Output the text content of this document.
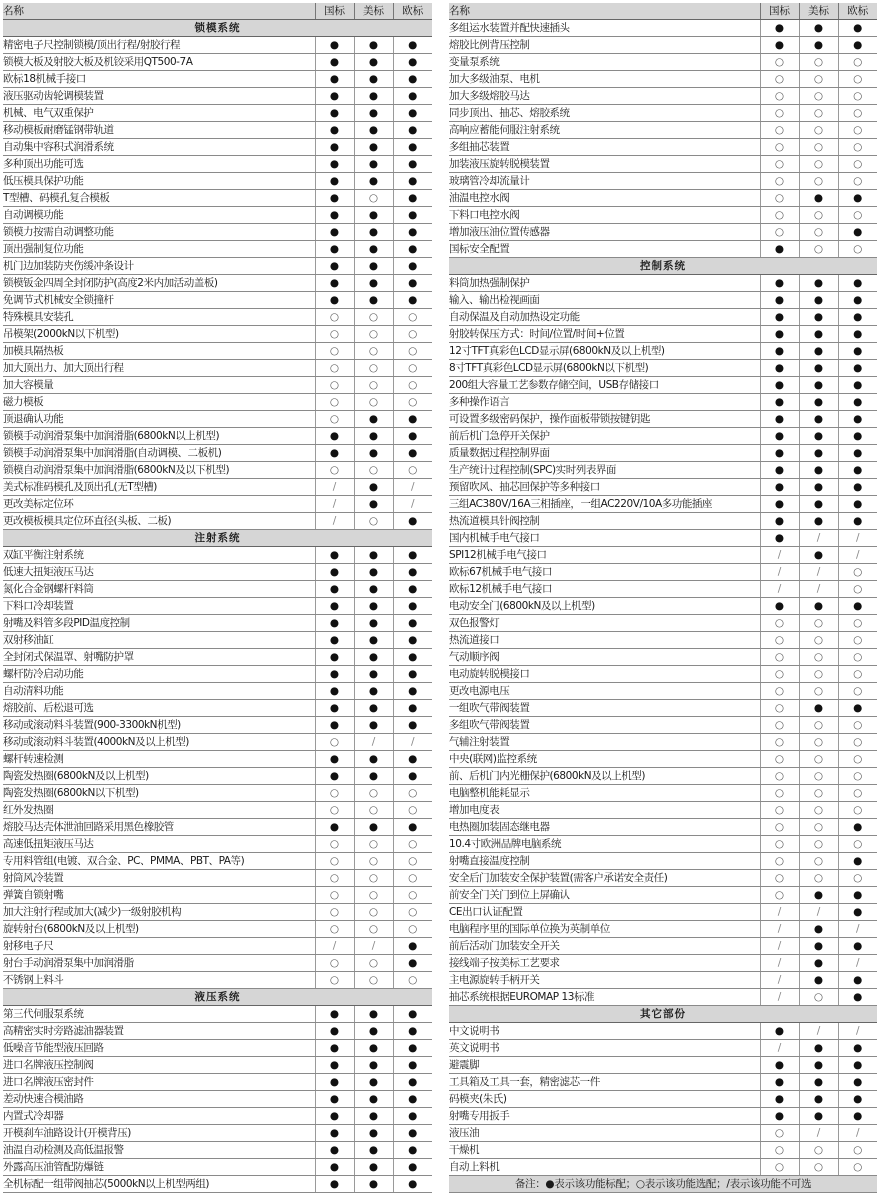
名称	国标	美标	欧标
锁模系统			
精密电子尺控制锁模/顶出行程/射胶行程	●	●	●
锁模大板及射胶大板及机铰采用QT500-7A	●	●	●
欧标18机械手接口	●	●	●
液压驱动齿轮调模装置	●	●	●
机械、电气双重保护	●	●	●
移动模板耐磨锰钢带轨道	●	●	●
自动集中容积式润滑系统	●	●	●
多种顶出功能可选	●	●	●
低压模具保护功能	●	●	●
T型槽、码模孔复合模板	●	○	●
自动调模功能	●	●	●
锁模力按需自动调整功能	●	●	●
顶出强制复位功能	●	●	●
机门边加装防夹伤缓冲条设计	●	●	●
锁模钣金四周全封闭防护(高度2米内加活动盖板)	●	●	●
免调节式机械安全锁撞杆	●	●	●
特殊模具安装孔	○	○	○
吊模架(2000kN以下机型)	○	○	○
加模具隔热板	○	○	○
加大顶出力、加大顶出行程	○	○	○
加大容模量	○	○	○
磁力模板	○	○	○
顶退确认功能	○	●	●
锁模手动润滑泵集中加润滑脂(6800kN以上机型)	●	●	●
锁模手动润滑泵集中加润滑脂(自动调模、二板机)	●	●	●
锁模自动润滑泵集中加润滑脂(6800kN及以下机型)	○	○	○
美式标准码模孔及顶出孔(无T型槽)	/	●	/
更改美标定位环	/	●	/
更改模板模具定位环直径(头板、二板)	/	○	●
注射系统			
双缸平衡注射系统	●	●	●
低速大扭矩液压马达	●	●	●
氮化合金钢螺杆料筒	●	●	●
下料口冷却装置	●	●	●
射嘴及料管多段PID温度控制	●	●	●
双射移油缸	●	●	●
全封闭式保温罩、射嘴防护罩	●	●	●
螺杆防冷启动功能	●	●	●
自动清料功能	●	●	●
熔胶前、后松退可选	●	●	●
移动或滚动料斗装置(900-3300kN机型)	●	●	●
移动或滚动料斗装置(4000kN及以上机型)	○	/	/
螺杆转速检测	●	●	●
陶瓷发热圈(6800kN及以上机型)	●	●	●
陶瓷发热圈(6800kN以下机型)	○	○	○
红外发热圈	○	○	○
熔胶马达壳体泄油回路采用黑色橡胶管	●	●	●
高速低扭矩液压马达	○	○	○
专用料管组(电镀、双合金、PC、PMMA、PBT、PA等)	○	○	○
射筒风冷装置	○	○	○
弹簧自锁射嘴	○	○	○
加大注射行程或加大(减少)一级射胶机构	○	○	○
旋转射台(6800kN及以上机型)	○	○	○
射移电子尺	/	/	●
射台手动润滑泵集中加润滑脂	○	○	●
不锈钢上料斗	○	○	○
液压系统			
第三代伺服泵系统	●	●	●
高精密实时旁路滤油器装置	●	●	●
低噪音节能型液压回路	●	●	●
进口名牌液压控制阀	●	●	●
进口名牌液压密封件	●	●	●
差动快速合模油路	●	●	●
内置式冷却器	●	●	●
开模刹车油路设计(开模背压)	●	●	●
油温自动检测及高低温报警	●	●	●
外露高压油管配防爆链	●	●	●
全机标配一组带阀抽芯(5000kN以上机型两组)	●	●	●
名称	国标	美标	欧标
多组运水装置并配快速插头	●	●	●
熔胶比例背压控制	●	●	●
变量泵系统	○	○	○
加大多级油泵、电机	○	○	○
加大多级熔胶马达	○	○	○
同步顶出、抽芯、熔胶系统	○	○	○
高响应蓄能伺服注射系统	○	○	○
多组抽芯装置	○	○	○
加装液压旋转脱模装置	○	○	○
玻璃管冷却流量计	○	○	○
油温电控水阀	○	●	●
下料口电控水阀	○	○	○
增加液压油位置传感器	○	○	●
国标安全配置	●	○	○
控制系统			
料筒加热强制保护	●	●	●
输入、输出检视画面	●	●	●
自动保温及自动加热设定功能	●	●	●
射胶转保压方式：时间/位置/时间+位置	●	●	●
12寸TFT真彩色LCD显示屏(6800kN及以上机型)	●	●	●
8寸TFT真彩色LCD显示屏(6800kN以下机型)	●	●	●
200组大容量工艺参数存储空间，USB存储接口	●	●	●
多种操作语言	●	●	●
可设置多级密码保护，操作面板带锁按键钥匙	●	●	●
前后机门急停开关保护	●	●	●
质量数据过程控制界面	●	●	●
生产统计过程控制(SPC)实时列表界面	●	●	●
预留吹风、抽芯回保护等多种接口	●	●	●
三组AC380V/16A三相插座，一组AC220V/10A多功能插座	●	●	●
热流道模具针阀控制	●	●	●
国内机械手电气接口	●	/	/
SPI12机械手电气接口	/	●	/
欧标67机械手电气接口	/	/	○
欧标12机械手电气接口	/	/	○
电动安全门(6800kN及以上机型)	●	●	●
双色报警灯	○	○	○
热流道接口	○	○	○
气动顺序阀	○	○	○
电动旋转脱模接口	○	○	○
更改电源电压	○	○	○
一组吹气带阀装置	○	●	●
多组吹气带阀装置	○	○	○
气辅注射装置	○	○	○
中央(联网)监控系统	○	○	○
前、后机门内光栅保护(6800kN及以上机型)	○	○	○
电脑整机能耗显示	○	○	○
增加电度表	○	○	○
电热圈加装固态继电器	○	○	●
10.4寸欧洲品牌电脑系统	○	○	○
射嘴直接温度控制	○	○	●
安全后门加装安全保护装置(需客户承诺安全责任)	○	○	○
前安全门关门到位上屏确认	○	●	●
CE出口认证配置	/	/	●
电脑程序里的国际单位换为英制单位	/	●	/
前后活动门加装安全开关	/	●	●
接线端子按美标工艺要求	/	●	/
主电源旋转手柄开关	/	●	●
抽芯系统根据EUROMAP 13标准	/	○	●
其它部份			
中文说明书	●	/	/
英文说明书	/	●	●
避震脚	●	●	●
工具箱及工具一套，精密滤芯一件	●	●	●
码模夹(朱氏)	●	●	●
射嘴专用扳手	●	●	●
液压油	○	/	/
干燥机	○	○	○
自动上料机	○	○	○
备注：●表示该功能标配；○表示该功能选配；/表示该功能不可选			
